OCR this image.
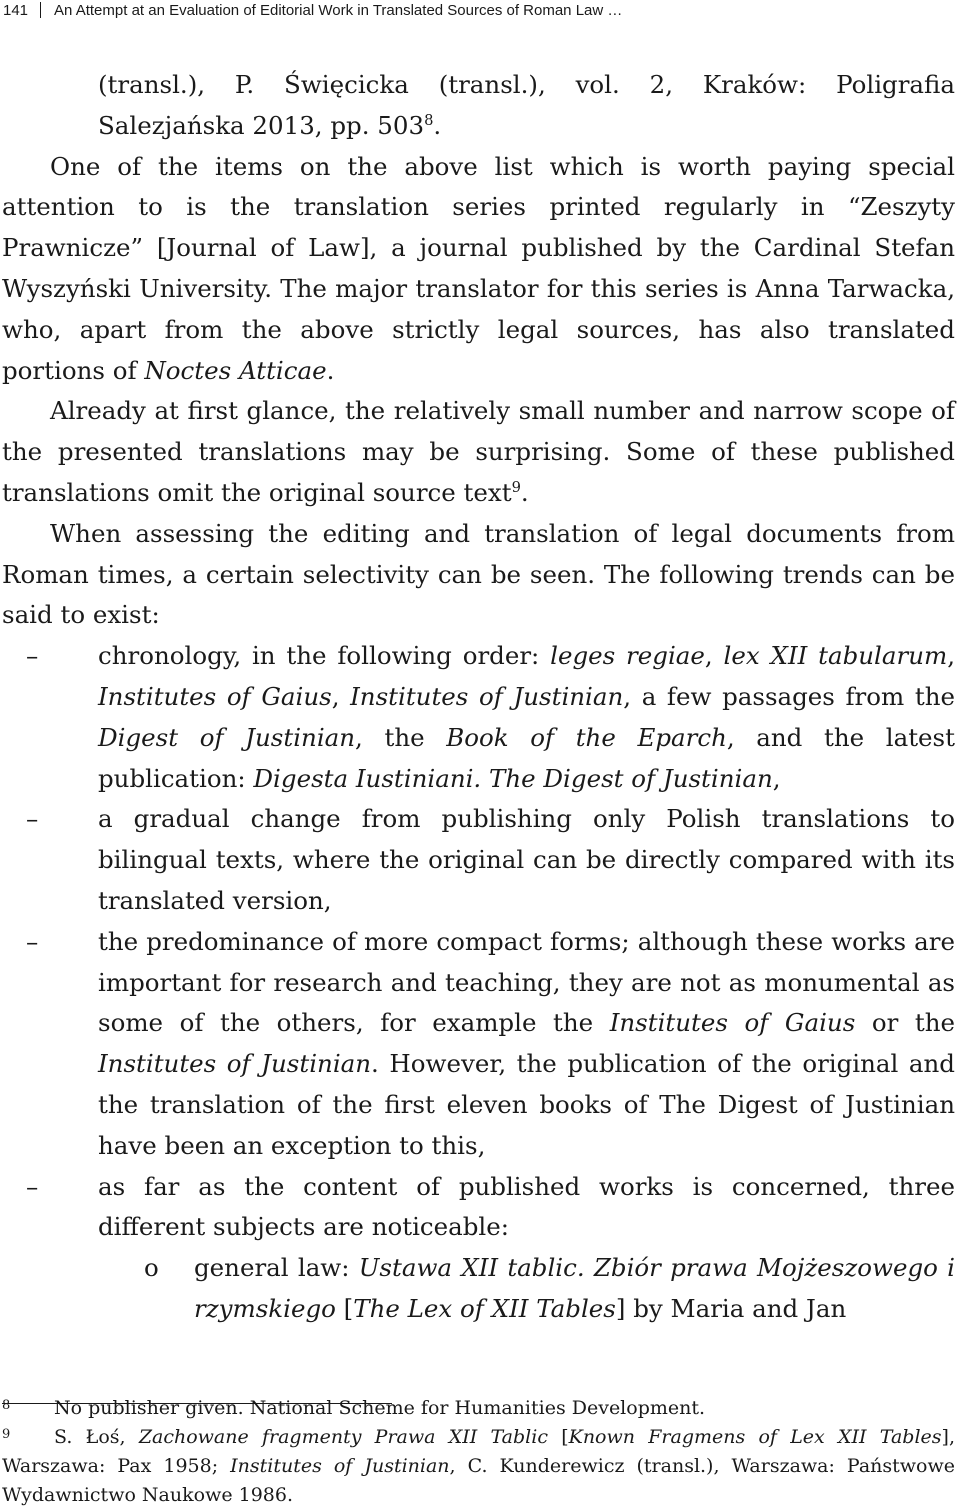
141 An Attempt at an Evaluation of Editorial Work in Translated Sources of Roman Law …

(transl.), P. Święcicka (transl.), vol. 2, Kraków: Poligrafia Salezjańska 2013, pp. $503^8$.

One of the items on the above list which is worth paying special attention to is the translation series printed regularly in “Zeszyty Prawnicze” [Journal of Law], a journal published by the Cardinal Stefan Wyszyński University. The major translator for this series is Anna Tarwacka, who, apart from the above strictly legal sources, has also translated portions of Noctes Atticae.

Already at first glance, the relatively small number and narrow scope of the presented translations may be surprising. Some of these published translations omit the original source text$^9$.

When assessing the editing and translation of legal documents from Roman times, a certain selectivity can be seen. The following trends can be said to exist:

–	chronology, in the following order: leges regiae, lex XII tabularum, Institutes of Gaius, Institutes of Justinian, a few passages from the Digest of Justinian, the Book of the Eparch, and the latest publication: Digesta Iustiniani. The Digest of Justinian,

–	a gradual change from publishing only Polish translations to bilingual texts, where the original can be directly compared with its translated version,

–	the predominance of more compact forms; although these works are important for research and teaching, they are not as monumental as some of the others, for example the Institutes of Gaius or the Institutes of Justinian. However, the publication of the original and the translation of the first eleven books of The Digest of Justinian have been an exception to this,

–	as far as the content of published works is concerned, three different subjects are noticeable:

o	general law: Ustawa XII tablic. Zbiór prawa Mojżeszowego i rzymskiego [The Lex of XII Tables] by Maria and Jan

8 No publisher given. National Scheme for Humanities Development.
9 S. Łoś, Zachowane fragmenty Prawa XII Tablic [Known Fragmens of Lex XII Tables], Warszawa: Pax 1958; Institutes of Justinian, C. Kunderewicz (transl.), Warszawa: Państwowe Wydawnictwo Naukowe 1986.
